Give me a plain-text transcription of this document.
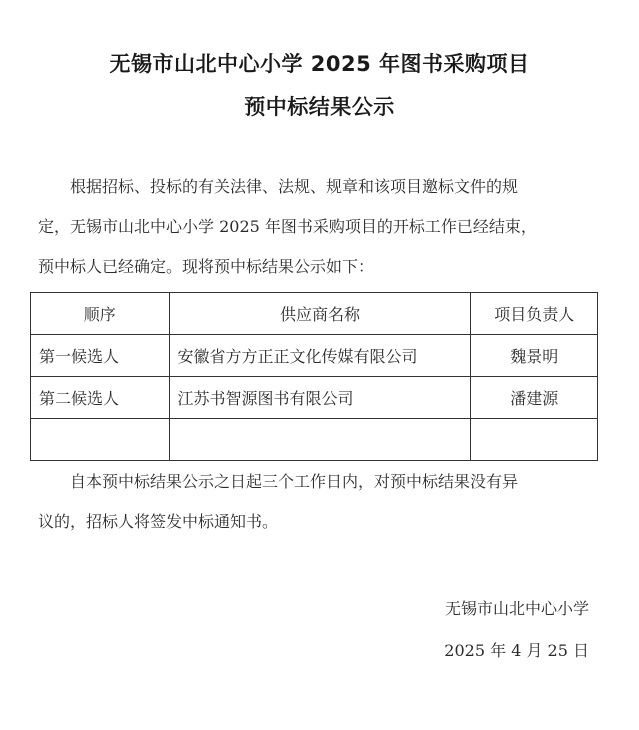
无锡市山北中心小学 2025 年图书采购项目
预中标结果公示
根据招标、投标的有关法律、法规、规章和该项目邀标文件的规
定，无锡市山北中心小学 2025 年图书采购项目的开标工作已经结束，
预中标人已经确定。现将预中标结果公示如下：
顺序	供应商名称	项目负责人
第一候选人	安徽省方方正正文化传媒有限公司	魏景明
第二候选人	江苏书智源图书有限公司	潘建源

自本预中标结果公示之日起三个工作日内，对预中标结果没有异
议的，招标人将签发中标通知书。
无锡市山北中心小学
2025 年 4 月 25 日
